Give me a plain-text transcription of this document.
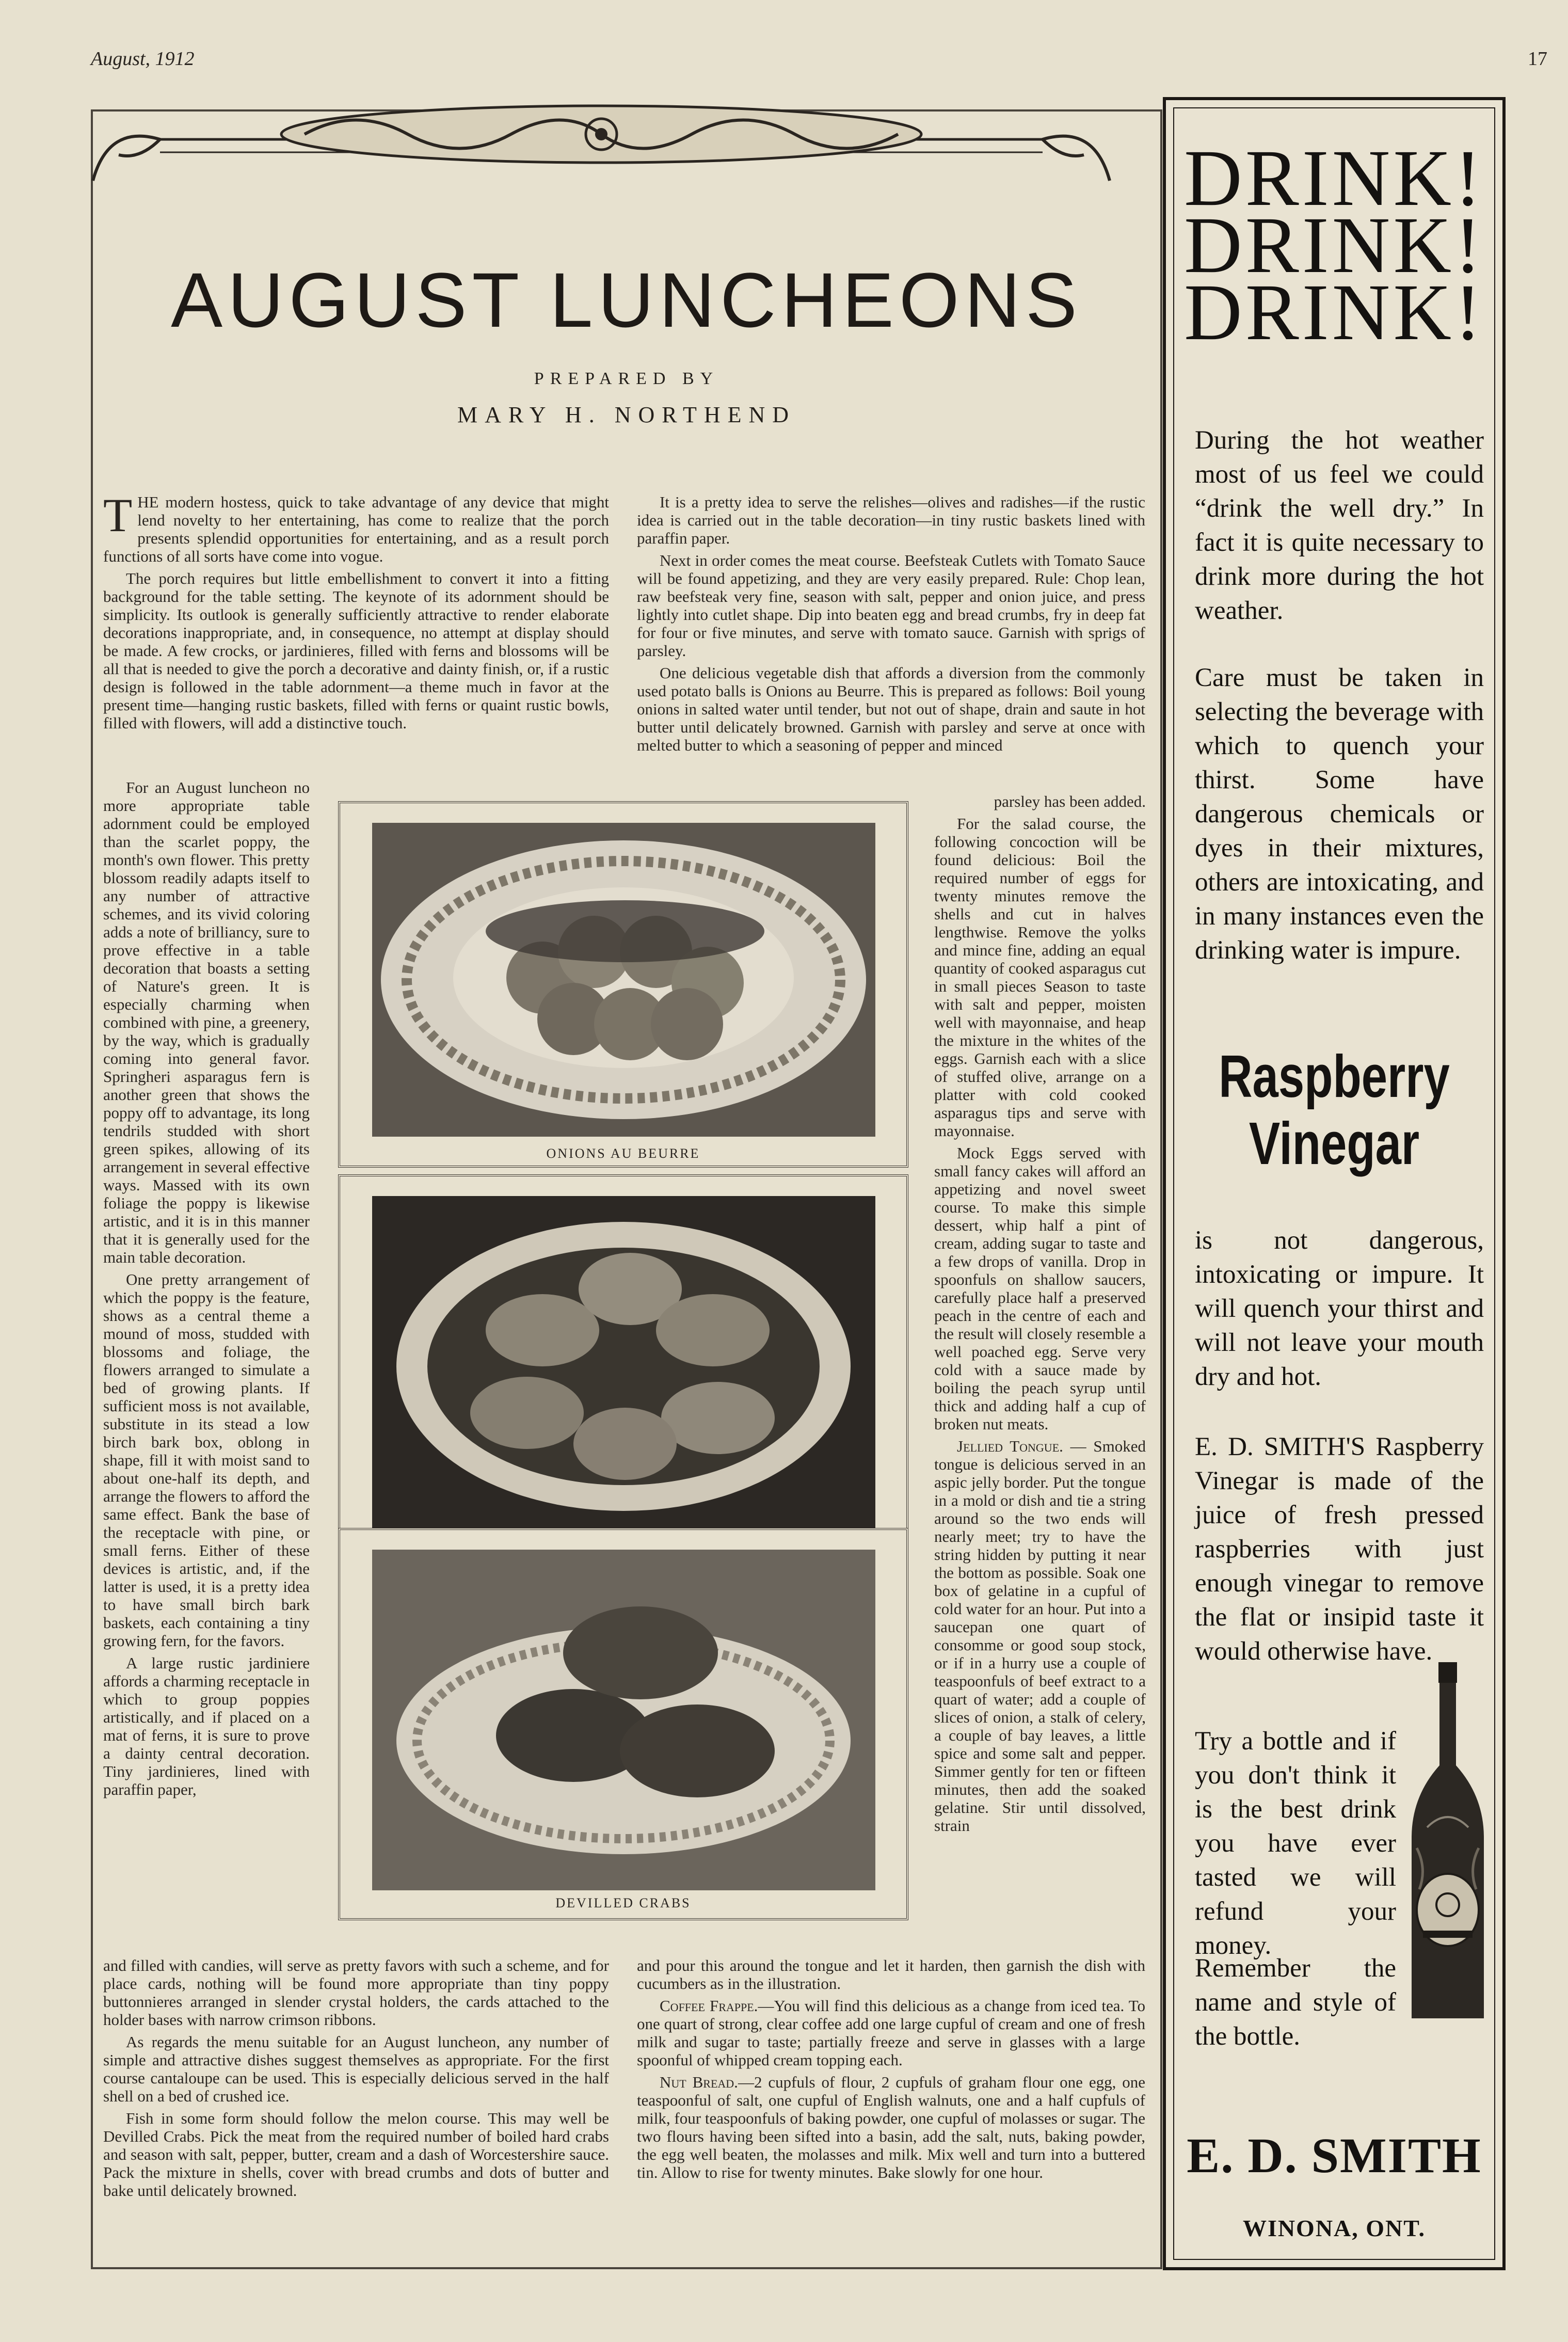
August, 1912	17
AUGUST LUNCHEONS
PREPARED BY
MARY H. NORTHEND

THE modern hostess, quick to take advantage of any device that might lend novelty to her entertaining, has come to realize that the porch presents splendid opportunities for entertaining, and as a result porch functions of all sorts have come into vogue.

The porch requires but little embellishment to convert it into a fitting background for the table setting. The keynote of its adornment should be simplicity. Its outlook is generally sufficiently attractive to render elaborate decorations inappropriate, and, in consequence, no attempt at display should be made. A few crocks, or jardinieres, filled with ferns and blossoms will be all that is needed to give the porch a decorative and dainty finish, or, if a rustic design is followed in the table adornment—a theme much in favor at the present time—hanging rustic baskets, filled with ferns or quaint rustic bowls, filled with flowers, will add a distinctive touch.

For an August luncheon no more appropriate table adornment could be employed than the scarlet poppy, the month's own flower. This pretty blossom readily adapts itself to any number of attractive schemes, and its vivid coloring adds a note of brilliancy, sure to prove effective in a table decoration that boasts a setting of Nature's green. It is especially charming when combined with pine, a greenery, by the way, which is gradually coming into general favor. Springheri asparagus fern is another green that shows the poppy off to advantage, its long tendrils studded with short green spikes, allowing of its arrangement in several effective ways. Massed with its own foliage the poppy is likewise artistic, and it is in this manner that it is generally used for the main table decoration.

One pretty arrangement of which the poppy is the feature, shows as a central theme a mound of moss, studded with blossoms and foliage, the flowers arranged to simulate a bed of growing plants. If sufficient moss is not available, substitute in its stead a low birch bark box, oblong in shape, fill it with moist sand to about one-half its depth, and arrange the flowers to afford the same effect. Bank the base of the receptacle with pine, or small ferns. Either of these devices is artistic, and, if the latter is used, it is a pretty idea to have small birch bark baskets, each containing a tiny growing fern, for the favors.

A large rustic jardiniere affords a charming receptacle in which to group poppies artistically, and if placed on a mat of ferns, it is sure to prove a dainty central decoration. Tiny jardinieres, lined with paraffin paper,

and filled with candies, will serve as pretty favors with such a scheme, and for place cards, nothing will be found more appropriate than tiny poppy buttonnieres arranged in slender crystal holders, the cards attached to the holder bases with narrow crimson ribbons.

As regards the menu suitable for an August luncheon, any number of simple and attractive dishes suggest themselves as appropriate. For the first course cantaloupe can be used. This is especially delicious served in the half shell on a bed of crushed ice.

Fish in some form should follow the melon course. This may well be Devilled Crabs. Pick the meat from the required number of boiled hard crabs and season with salt, pepper, butter, cream and a dash of Worcestershire sauce. Pack the mixture in shells, cover with bread crumbs and dots of butter and bake until delicately browned.

It is a pretty idea to serve the relishes—olives and radishes—if the rustic idea is carried out in the table decoration—in tiny rustic baskets lined with paraffin paper.

Next in order comes the meat course. Beefsteak Cutlets with Tomato Sauce will be found appetizing, and they are very easily prepared. Rule: Chop lean, raw beefsteak very fine, season with salt, pepper and onion juice, and press lightly into cutlet shape. Dip into beaten egg and bread crumbs, fry in deep fat for four or five minutes, and serve with tomato sauce. Garnish with sprigs of parsley.

One delicious vegetable dish that affords a diversion from the commonly used potato balls is Onions au Beurre. This is prepared as follows: Boil young onions in salted water until tender, but not out of shape, drain and saute in hot butter until delicately browned. Garnish with parsley and serve at once with melted butter to which a seasoning of pepper and minced

parsley has been added.

For the salad course, the following concoction will be found delicious: Boil the required number of eggs for twenty minutes remove the shells and cut in halves lengthwise. Remove the yolks and mince fine, adding an equal quantity of cooked asparagus cut in small pieces Season to taste with salt and pepper, moisten well with mayonnaise, and heap the mixture in the whites of the eggs. Garnish each with a slice of stuffed olive, arrange on a platter with cold cooked asparagus tips and serve with mayonnaise.

Mock Eggs served with small fancy cakes will afford an appetizing and novel sweet course. To make this simple dessert, whip half a pint of cream, adding sugar to taste and a few drops of vanilla. Drop in spoonfuls on shallow saucers, carefully place half a preserved peach in the centre of each and the result will closely resemble a well poached egg. Serve very cold with a sauce made by boiling the peach syrup until thick and adding half a cup of broken nut meats.

Jellied Tongue. — Smoked tongue is delicious served in an aspic jelly border. Put the tongue in a mold or dish and tie a string around so the two ends will nearly meet; try to have the string hidden by putting it near the bottom as possible. Soak one box of gelatine in a cupful of cold water for an hour. Put into a saucepan one quart of consomme or good soup stock, or if in a hurry use a couple of teaspoonfuls of beef extract to a quart of water; add a couple of slices of onion, a stalk of celery, a couple of bay leaves, a little spice and some salt and pepper. Simmer gently for ten or fifteen minutes, then add the soaked gelatine. Stir until dissolved, strain

and pour this around the tongue and let it harden, then garnish the dish with cucumbers as in the illustration.

Coffee Frappe.—You will find this delicious as a change from iced tea. To one quart of strong, clear coffee add one large cupful of cream and one of fresh milk and sugar to taste; partially freeze and serve in glasses with a large spoonful of whipped cream topping each.

Nut Bread.—2 cupfuls of flour, 2 cupfuls of graham flour one egg, one teaspoonful of salt, one cupful of English walnuts, one and a half cupfuls of milk, four teaspoonfuls of baking powder, one cupful of molasses or sugar. The two flours having been sifted into a basin, add the salt, nuts, baking powder, the egg well beaten, the molasses and milk. Mix well and turn into a buttered tin. Allow to rise for twenty minutes. Bake slowly for one hour.

ONIONS AU BEURRE
DEVILLED CRABS
DRINK!
DRINK!
DRINK!
During the hot weather most of us feel we could “drink the well dry.” In fact it is quite necessary to drink more during the hot weather.
Care must be taken in selecting the beverage with which to quench your thirst. Some have dangerous chemicals or dyes in their mixtures, others are intoxicating, and in many instances even the drinking water is impure.
Raspberry
Vinegar
is not dangerous, intoxicating or impure. It will quench your thirst and will not leave your mouth dry and hot.
E. D. SMITH'S Raspberry Vinegar is made of the juice of fresh pressed raspberries with just enough vinegar to remove the flat or insipid taste it would otherwise have.
Try a bottle and if you don't think it is the best drink you have ever tasted we will refund your money.
Remember the name and style of the bottle.
E. D. SMITH
WINONA, ONT.
